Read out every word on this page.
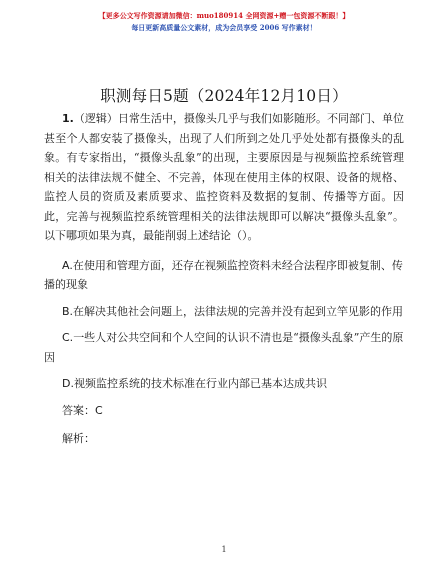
【更多公文写作资源请加微信：muo180914 全网资源+赠一包资源不断跟！】
每日更新高质量公文素材，成为会员享受 2006 写作素材！
职测每日5题（2024年12月10日）

1.（逻辑）日常生活中，摄像头几乎与我们如影随形。不同部门、单位甚至个人都安装了摄像头，出现了人们所到之处几乎处处都有摄像头的乱象。有专家指出，“摄像头乱象”的出现，主要原因是与视频监控系统管理相关的法律法规不健全、不完善，体现在使用主体的权限、设备的规格、监控人员的资质及素质要求、监控资料及数据的复制、传播等方面。因此，完善与视频监控系统管理相关的法律法规即可以解决“摄像头乱象”。以下哪项如果为真，最能削弱上述结论（）。

A.在使用和管理方面，还存在视频监控资料未经合法程序即被复制、传播的现象

B.在解决其他社会问题上，法律法规的完善并没有起到立竿见影的作用

C.一些人对公共空间和个人空间的认识不清也是“摄像头乱象”产生的原因

D.视频监控系统的技术标准在行业内部已基本达成共识

答案：C

解析：

1
